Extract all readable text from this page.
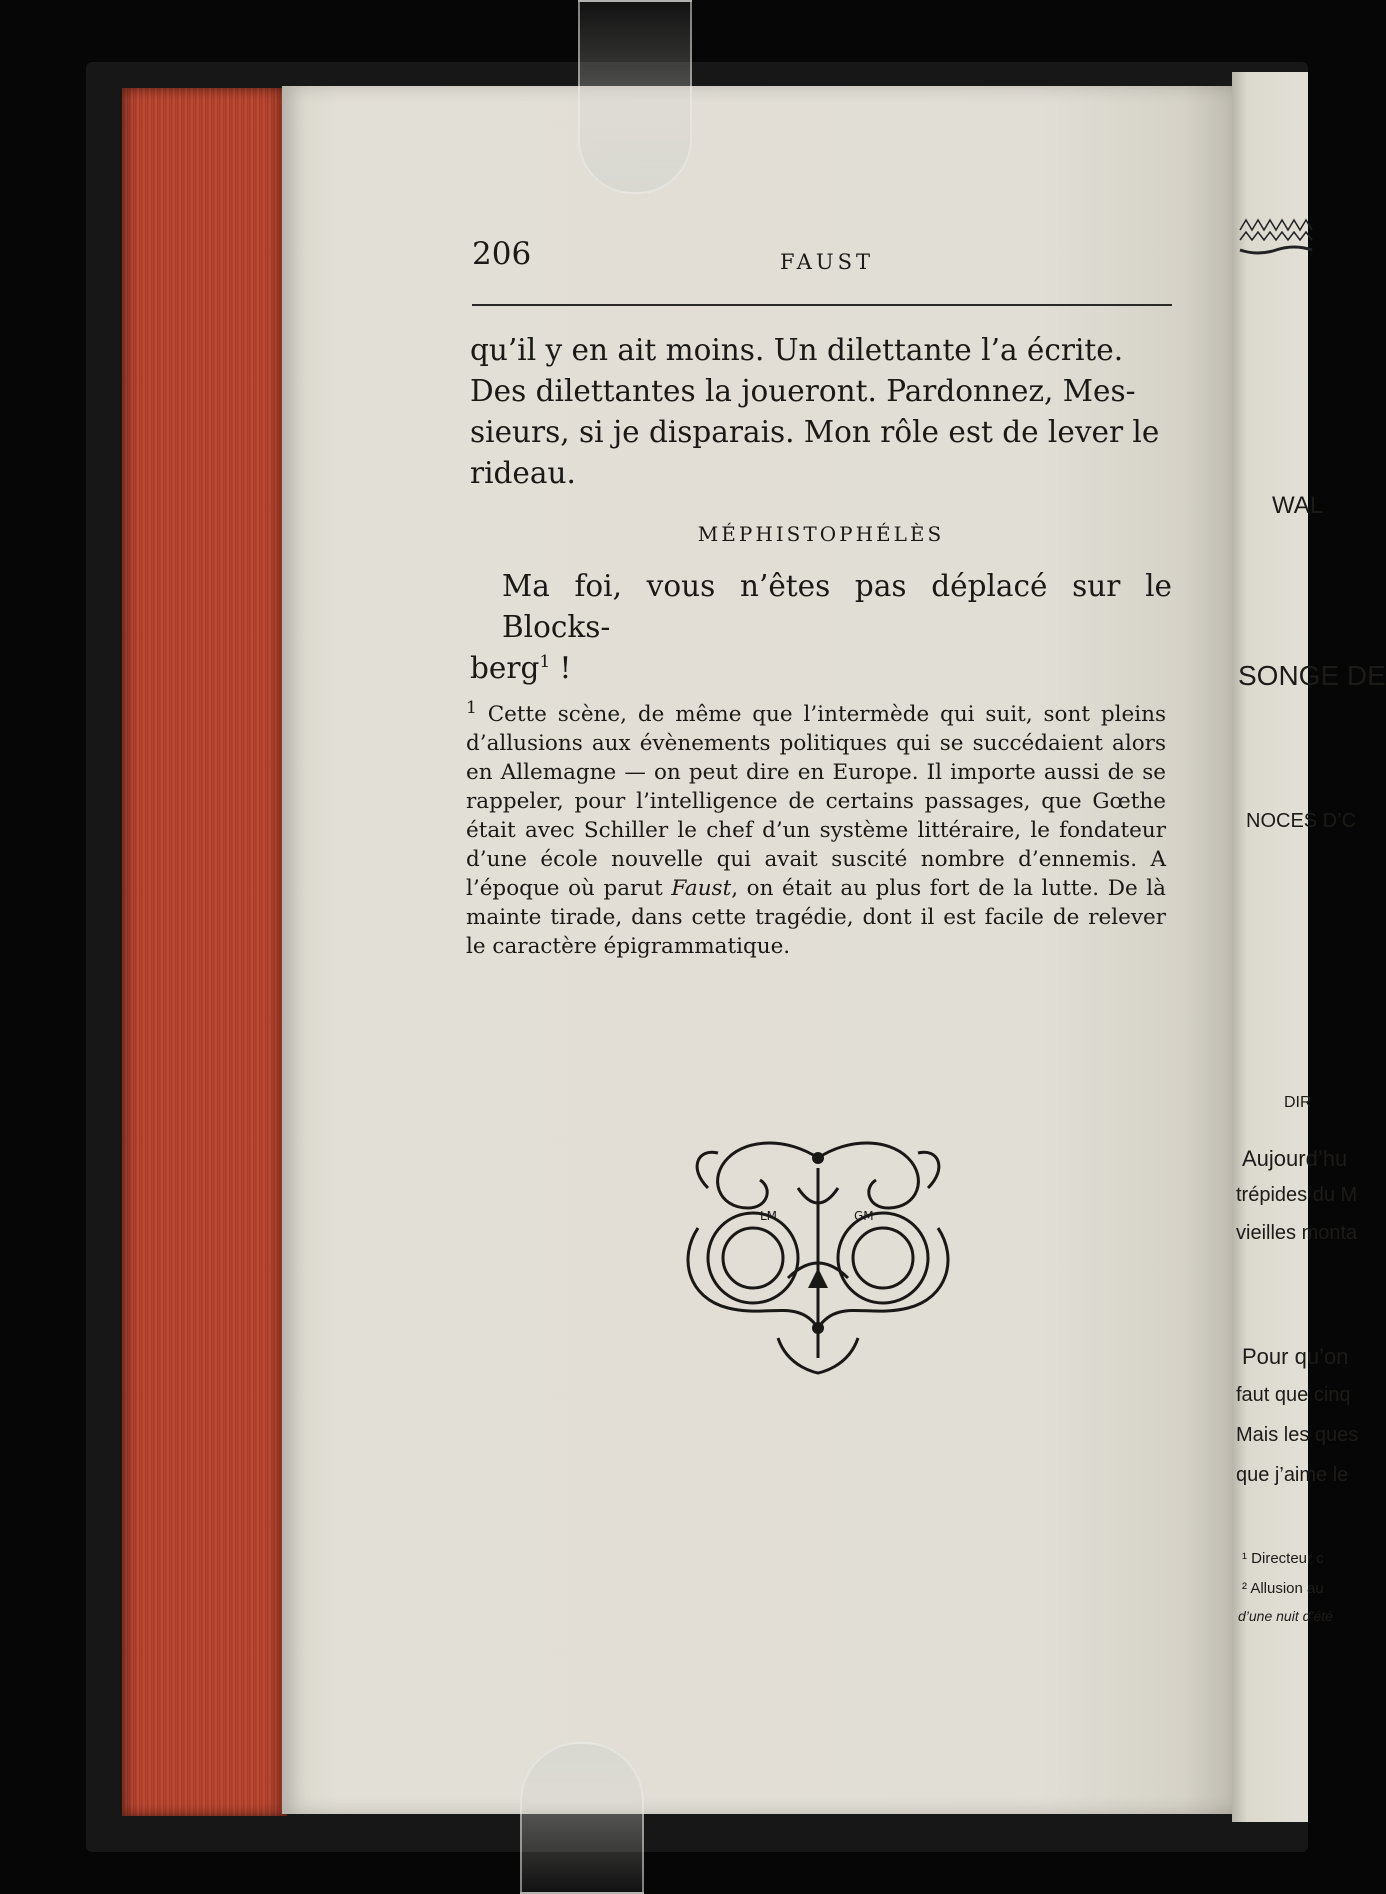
WAL
SONGE DE
NOCES D’C
DIR
Aujourd’hu
trépides du M
vieilles monta
Pour qu’on
faut que cinq
Mais les ques
que j’aime le
¹ Directeur c
² Allusion au
d’une nuit d’été
206	FAUST

qu’il y en ait moins. Un dilettante l’a écrite.

Des dilettantes la joueront. Pardonnez, Mes-

sieurs, si je disparais. Mon rôle est de lever le

rideau.

MÉPHISTOPHÉLÈS
Ma foi, vous n’êtes pas déplacé sur le Blocks-
berg$^1$ !
$^1$ Cette scène, de même que l’intermède qui suit, sont pleins d’allusions aux évènements politiques qui se succédaient alors en Allemagne — on peut dire en Europe. Il importe aussi de se rappeler, pour l’intelligence de certains passages, que Gœthe était avec Schiller le chef d’un système littéraire, le fondateur d’une école nouvelle qui avait suscité nombre d’ennemis. A l’époque où parut Faust, on était au plus fort de la lutte. De là mainte tirade, dans cette tragédie, dont il est facile de relever le caractère épigrammatique.
LM	GM
